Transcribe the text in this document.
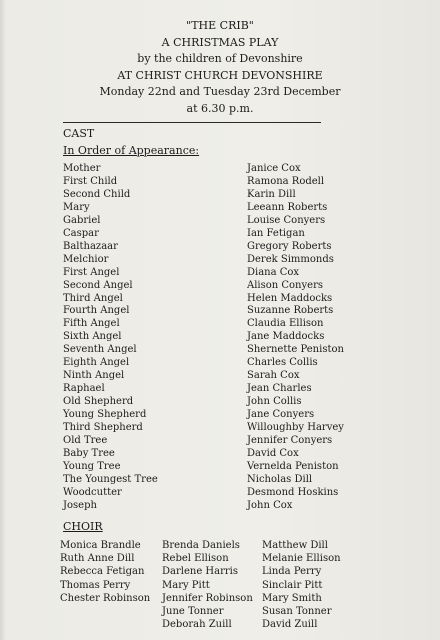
"THE CRIB"
A CHRISTMAS PLAY
by the children of Devonshire
AT CHRIST CHURCH DEVONSHIRE
Monday 22nd and Tuesday 23rd December
at 6.30 p.m.
CAST
In Order of Appearance:
Mother
First Child
Second Child
Mary
Gabriel
Caspar
Balthazaar
Melchior
First Angel
Second Angel
Third Angel
Fourth Angel
Fifth Angel
Sixth Angel
Seventh Angel
Eighth Angel
Ninth Angel
Raphael
Old Shepherd
Young Shepherd
Third Shepherd
Old Tree
Baby Tree
Young Tree
The Youngest Tree
Woodcutter
Joseph
Janice Cox
Ramona Rodell
Karin Dill
Leeann Roberts
Louise Conyers
Ian Fetigan
Gregory Roberts
Derek Simmonds
Diana Cox
Alison Conyers
Helen Maddocks
Suzanne Roberts
Claudia Ellison
Jane Maddocks
Shernette Peniston
Charles Collis
Sarah Cox
Jean Charles
John Collis
Jane Conyers
Willoughby Harvey
Jennifer Conyers
David Cox
Vernelda Peniston
Nicholas Dill
Desmond Hoskins
John Cox
CHOIR
Monica Brandle
Ruth Anne Dill
Rebecca Fetigan
Thomas Perry
Chester Robinson
Brenda Daniels
Rebel Ellison
Darlene Harris
Mary Pitt
Jennifer Robinson
June Tonner
Deborah Zuill
Matthew Dill
Melanie Ellison
Linda Perry
Sinclair Pitt
Mary Smith
Susan Tonner
David Zuill
